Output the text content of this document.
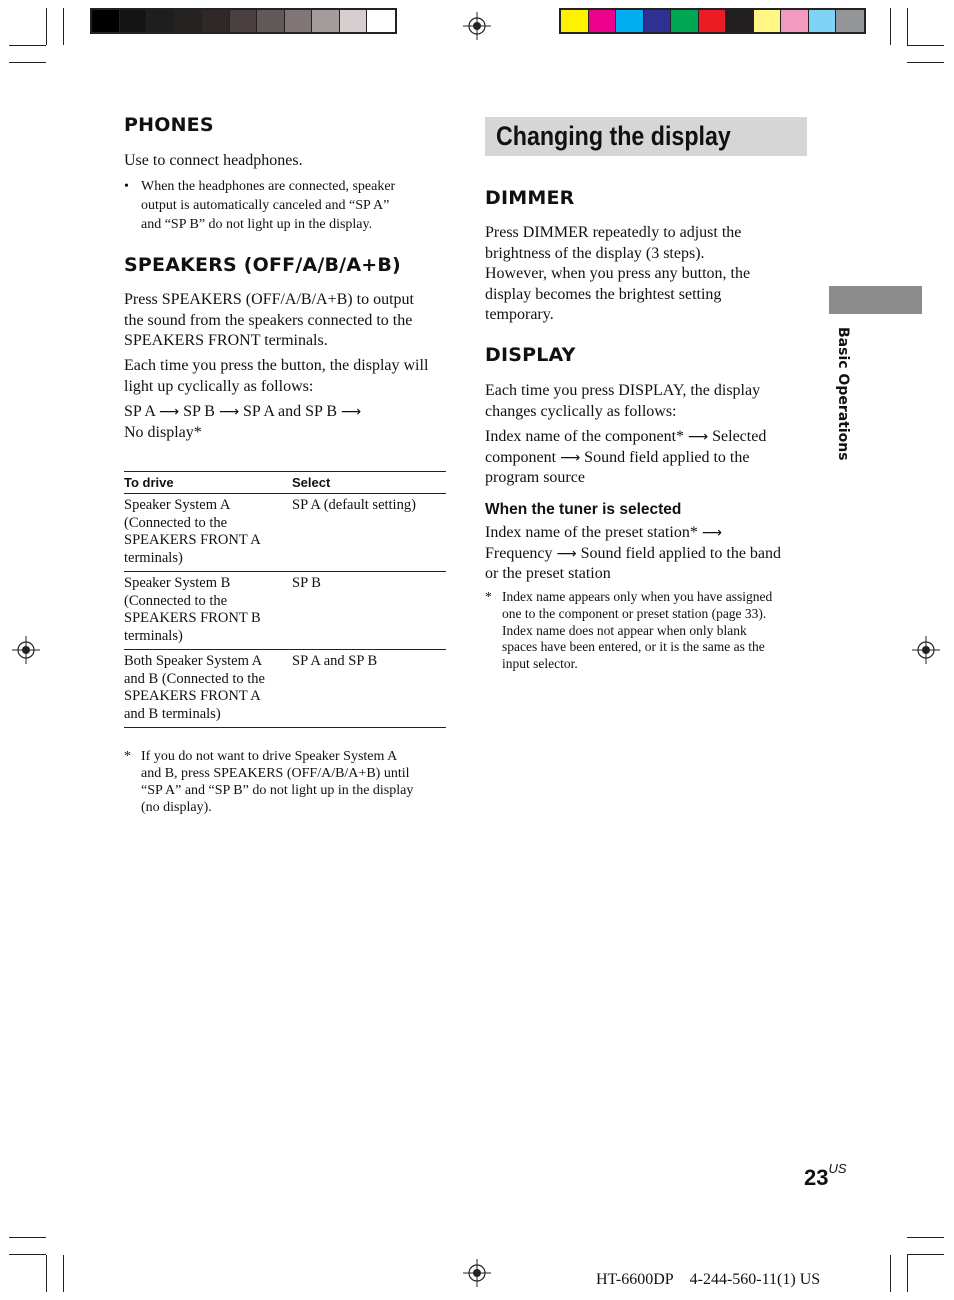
PHONES
Use to connect headphones.
• When the headphones are connected, speaker
output is automatically canceled and “SP A”
and “SP B” do not light up in the display.
SPEAKERS (OFF/A/B/A+B)
Press SPEAKERS (OFF/A/B/A+B) to output
the sound from the speakers connected to the
SPEAKERS FRONT terminals.
Each time you press the button, the display will
light up cyclically as follows:
SP A ⟶ SP B ⟶ SP A and SP B ⟶
No display*
To drive	Select
Speaker System A
(Connected to the
SPEAKERS FRONT A
terminals)
SP A (default setting)
Speaker System B
(Connected to the
SPEAKERS FRONT B
terminals)
SP B
Both Speaker System A
and B (Connected to the
SPEAKERS FRONT A
and B terminals)
SP A and SP B
* If you do not want to drive Speaker System A
and B, press SPEAKERS (OFF/A/B/A+B) until
“SP A” and “SP B” do not light up in the display
(no display).
Changing the display
DIMMER
Press DIMMER repeatedly to adjust the
brightness of the display (3 steps).
However, when you press any button, the
display becomes the brightest setting
temporary.
DISPLAY
Each time you press DISPLAY, the display
changes cyclically as follows:
Index name of the component* ⟶ Selected
component ⟶ Sound field applied to the
program source
When the tuner is selected
Index name of the preset station* ⟶
Frequency ⟶ Sound field applied to the band
or the preset station
* Index name appears only when you have assigned
one to the component or preset station (page 33).
Index name does not appear when only blank
spaces have been entered, or it is the same as the
input selector.
Basic Operations
$23^{US}$
HT-6600DP    4-244-560-11(1) US
